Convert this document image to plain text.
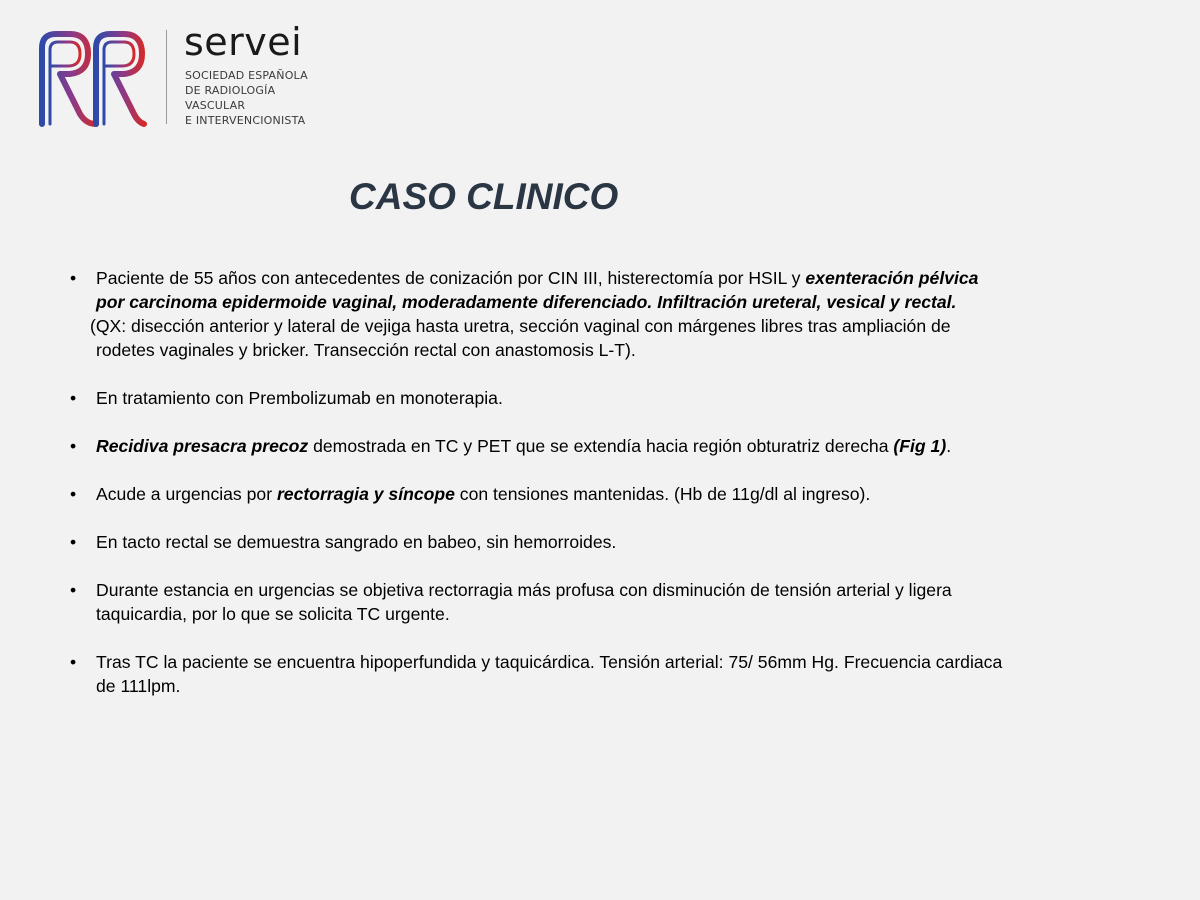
servei
SOCIEDAD ESPAÑOLA
DE RADIOLOGÍA
VASCULAR
E INTERVENCIONISTA
CASO CLINICO
• Paciente de 55 años con antecedentes de conización por CIN III, histerectomía por HSIL y exenteración pélvica
por carcinoma epidermoide vaginal, moderadamente diferenciado. Infiltración ureteral, vesical y rectal.
(QX: disección anterior y lateral de vejiga hasta uretra, sección vaginal con márgenes libres tras ampliación de
rodetes vaginales y bricker. Transección rectal con anastomosis L-T).
• En tratamiento con Prembolizumab en monoterapia.
• Recidiva presacra precoz demostrada en TC y PET que se extendía hacia región obturatriz derecha (Fig 1).
• Acude a urgencias por rectorragia y síncope con tensiones mantenidas. (Hb de 11g/dl al ingreso).
• En tacto rectal se demuestra sangrado en babeo, sin hemorroides.
• Durante estancia en urgencias se objetiva rectorragia más profusa con disminución de tensión arterial y ligera
taquicardia, por lo que se solicita TC urgente.
• Tras TC la paciente se encuentra hipoperfundida y taquicárdica. Tensión arterial: 75/ 56mm Hg. Frecuencia cardiaca
de 111lpm.
